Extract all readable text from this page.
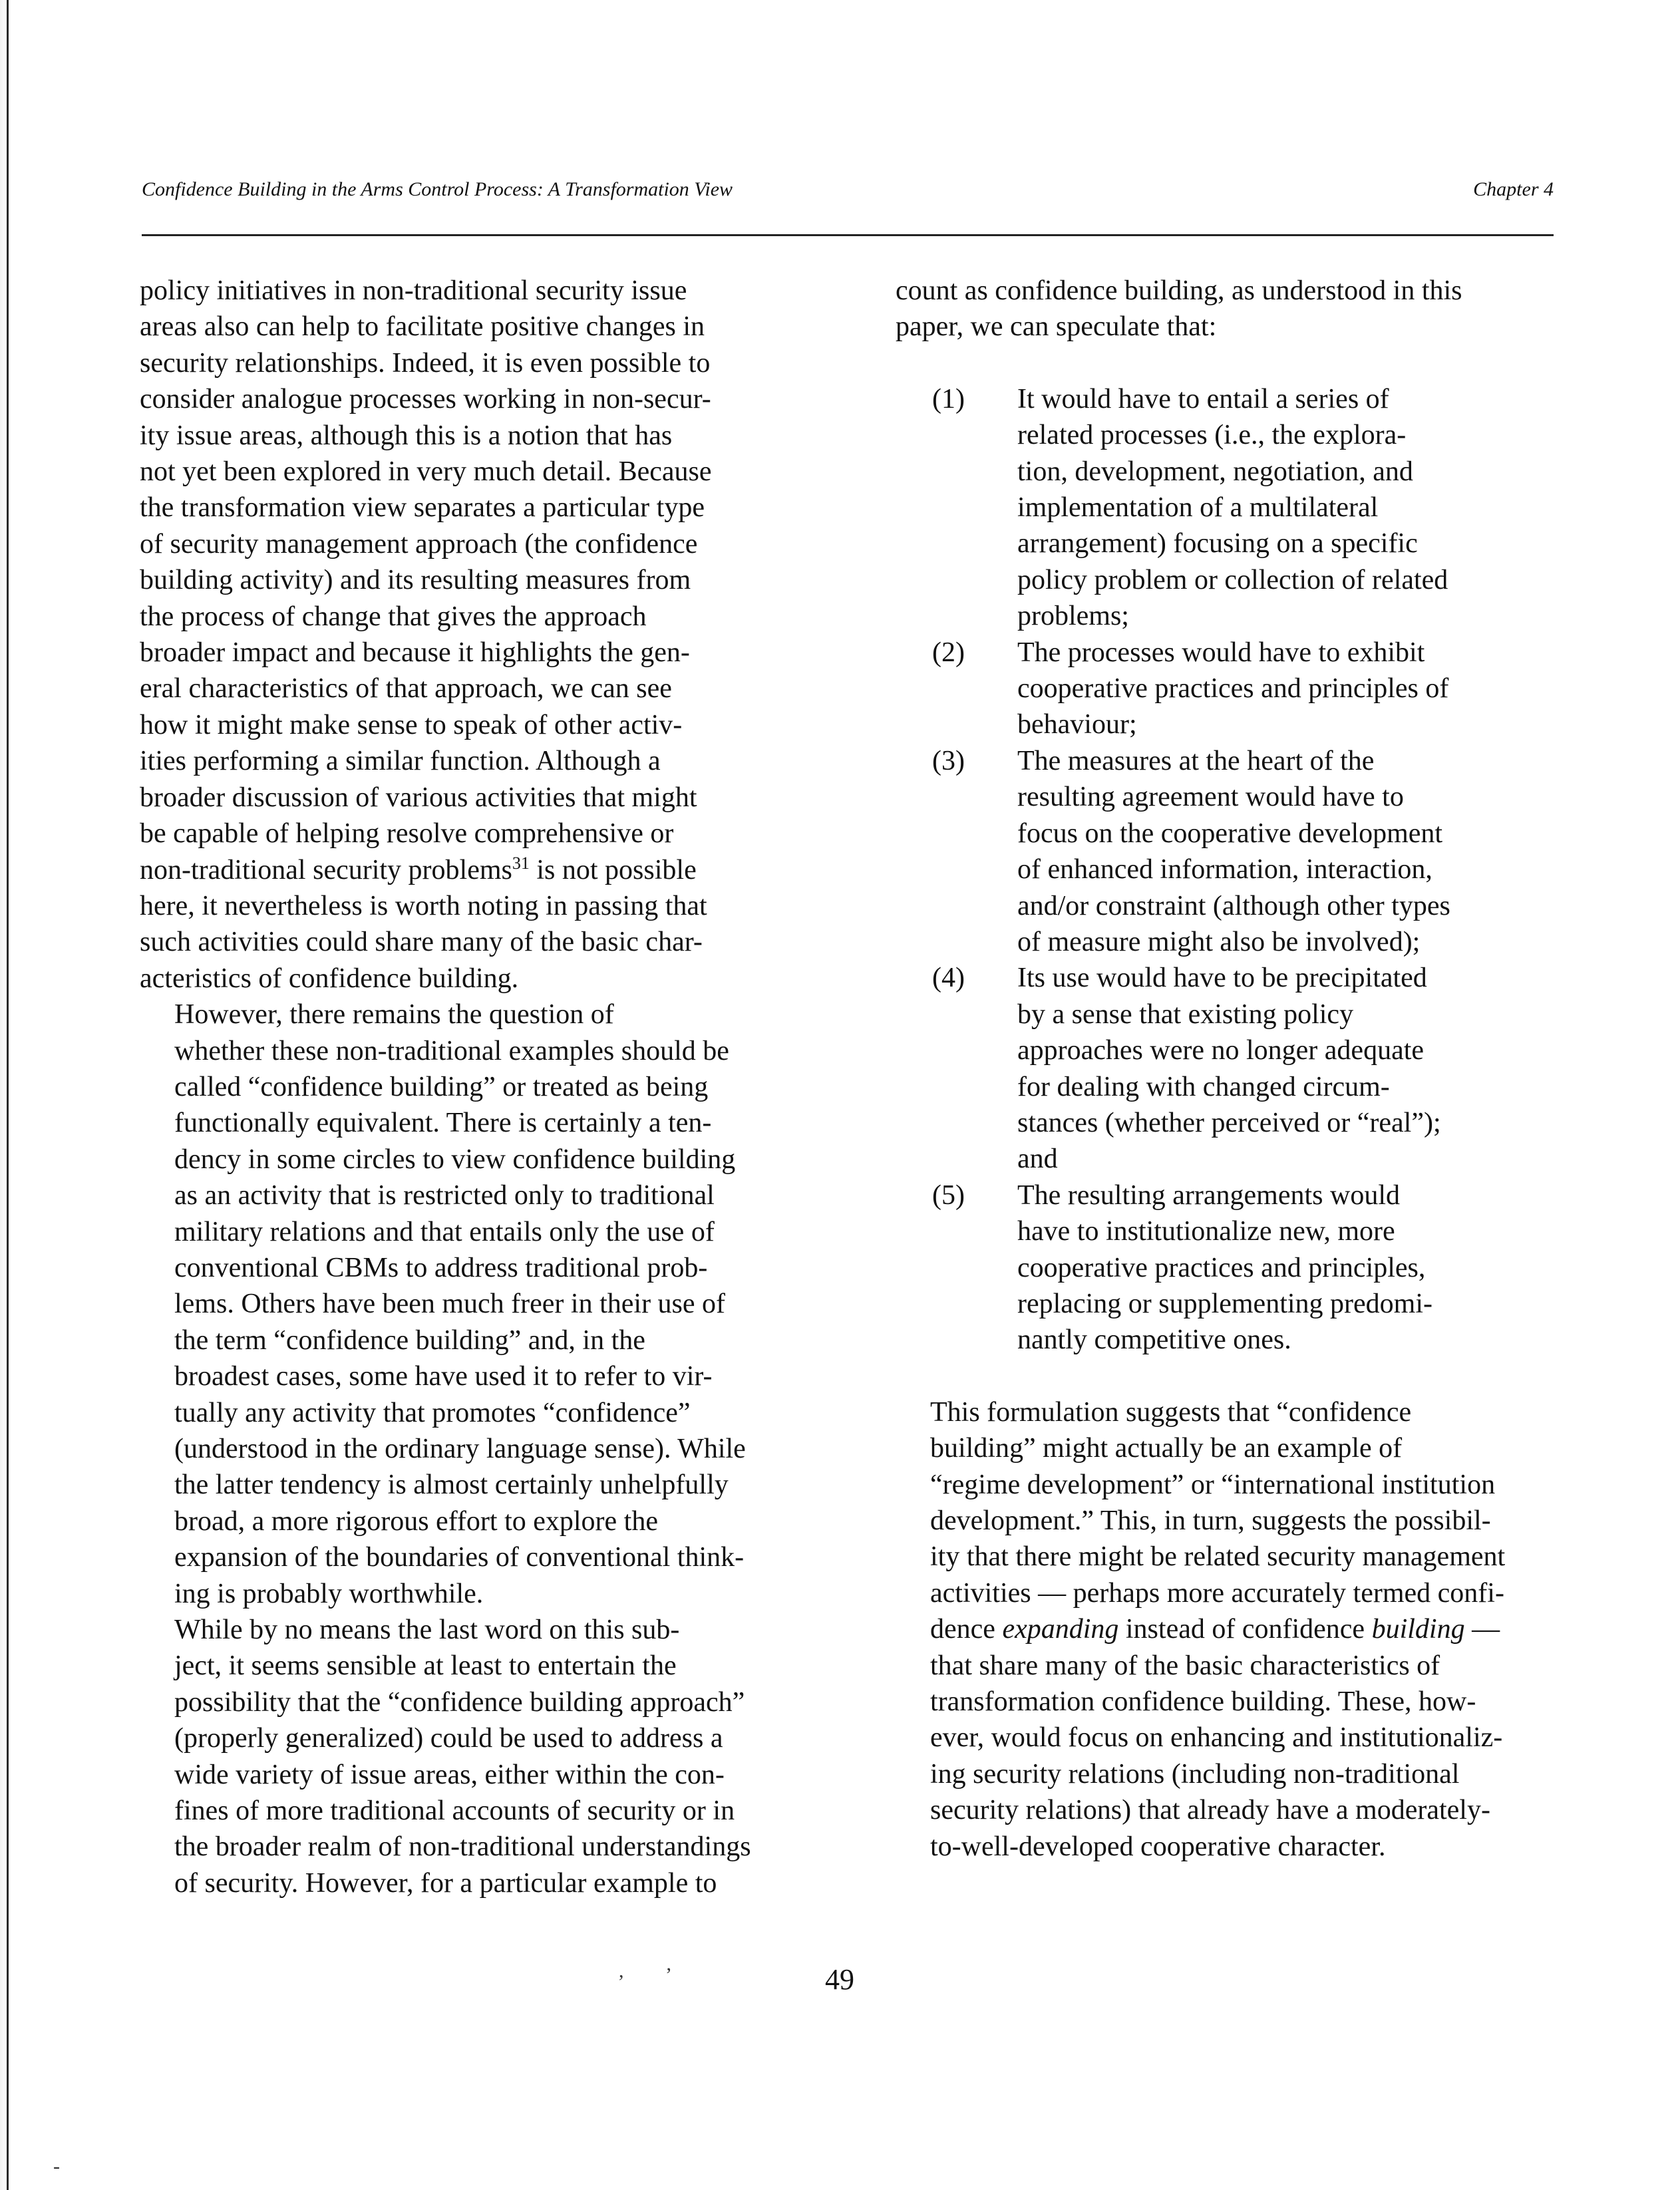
Confidence Building in the Arms Control Process: A Transformation View	Chapter 4

policy initiatives in non-traditional security issue
areas also can help to facilitate positive changes in
security relationships. Indeed, it is even possible to
consider analogue processes working in non-secur-
ity issue areas, although this is a notion that has
not yet been explored in very much detail. Because
the transformation view separates a particular type
of security management approach (the confidence
building activity) and its resulting measures from
the process of change that gives the approach
broader impact and because it highlights the gen-
eral characteristics of that approach, we can see
how it might make sense to speak of other activ-
ities performing a similar function. Although a
broader discussion of various activities that might
be capable of helping resolve comprehensive or
non-traditional security problems$^{31}$ is not possible
here, it nevertheless is worth noting in passing that
such activities could share many of the basic char-
acteristics of confidence building.

However, there remains the question of
whether these non-traditional examples should be
called “confidence building” or treated as being
functionally equivalent. There is certainly a ten-
dency in some circles to view confidence building
as an activity that is restricted only to traditional
military relations and that entails only the use of
conventional CBMs to address traditional prob-
lems. Others have been much freer in their use of
the term “confidence building” and, in the
broadest cases, some have used it to refer to vir-
tually any activity that promotes “confidence”
(understood in the ordinary language sense). While
the latter tendency is almost certainly unhelpfully
broad, a more rigorous effort to explore the
expansion of the boundaries of conventional think-
ing is probably worthwhile.

While by no means the last word on this sub-
ject, it seems sensible at least to entertain the
possibility that the “confidence building approach”
(properly generalized) could be used to address a
wide variety of issue areas, either within the con-
fines of more traditional accounts of security or in
the broader realm of non-traditional understandings
of security. However, for a particular example to

count as confidence building, as understood in this
paper, we can speculate that:

(1) It would have to entail a series of
related processes (i.e., the explora-
tion, development, negotiation, and
implementation of a multilateral
arrangement) focusing on a specific
policy problem or collection of related
problems;
(2) The processes would have to exhibit
cooperative practices and principles of
behaviour;
(3) The measures at the heart of the
resulting agreement would have to
focus on the cooperative development
of enhanced information, interaction,
and/or constraint (although other types
of measure might also be involved);
(4) Its use would have to be precipitated
by a sense that existing policy
approaches were no longer adequate
for dealing with changed circum-
stances (whether perceived or “real”);
and
(5) The resulting arrangements would
have to institutionalize new, more
cooperative practices and principles,
replacing or supplementing predomi-
nantly competitive ones.

This formulation suggests that “confidence
building” might actually be an example of
“regime development” or “international institution
development.” This, in turn, suggests the possibil-
ity that there might be related security management
activities — perhaps more accurately termed confi-
dence expanding instead of confidence building —
that share many of the basic characteristics of
transformation confidence building. These, how-
ever, would focus on enhancing and institutionaliz-
ing security relations (including non-traditional
security relations) that already have a moderately-
to-well-developed cooperative character.

49
, ’
-
